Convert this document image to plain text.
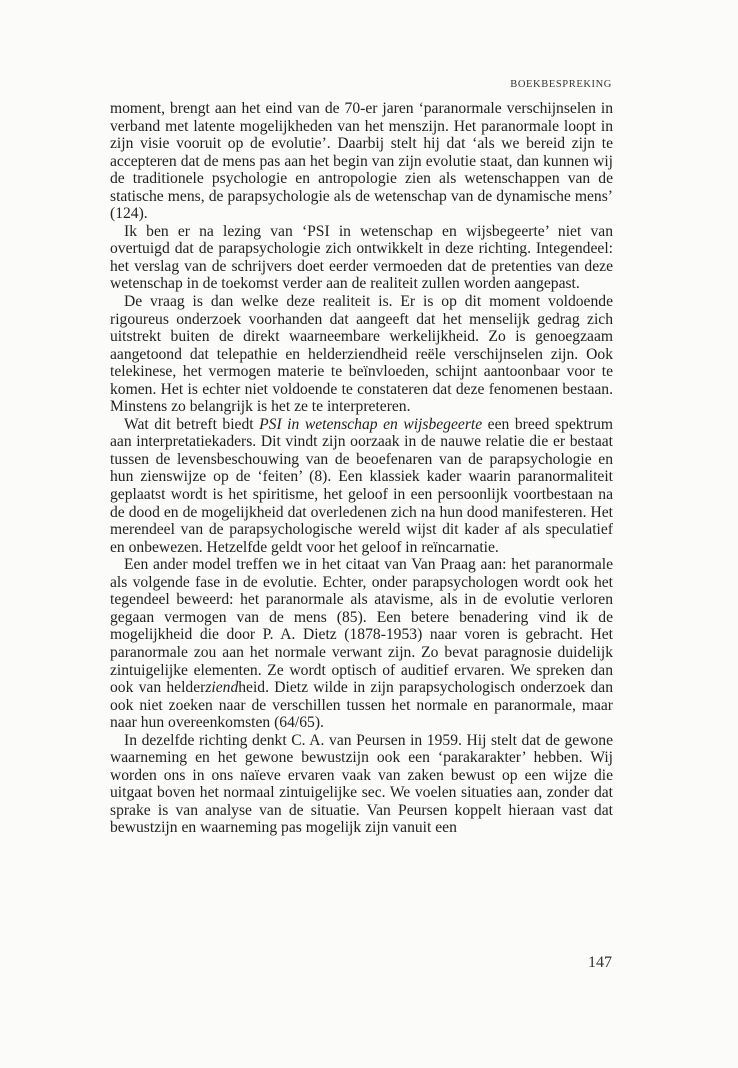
BOEKBESPREKING

moment, brengt aan het eind van de 70-er jaren ‘paranormale verschijnselen in verband met latente mogelijkheden van het menszijn. Het paranormale loopt in zijn visie vooruit op de evolutie’. Daarbij stelt hij dat ‘als we bereid zijn te accepteren dat de mens pas aan het begin van zijn evolutie staat, dan kunnen wij de traditionele psychologie en antropologie zien als wetenschappen van de statische mens, de parapsychologie als de wetenschap van de dynamische mens’ (124).

Ik ben er na lezing van ‘PSI in wetenschap en wijsbegeerte’ niet van overtuigd dat de parapsychologie zich ontwikkelt in deze richting. Integendeel: het verslag van de schrijvers doet eerder vermoeden dat de pretenties van deze wetenschap in de toekomst verder aan de realiteit zullen worden aangepast.

De vraag is dan welke deze realiteit is. Er is op dit moment voldoende rigoureus onderzoek voorhanden dat aangeeft dat het menselijk gedrag zich uitstrekt buiten de direkt waarneembare werkelijkheid. Zo is genoegzaam aangetoond dat telepathie en helderziendheid reële verschijnselen zijn. Ook telekinese, het vermogen materie te beïnvloeden, schijnt aantoonbaar voor te komen. Het is echter niet voldoende te constateren dat deze fenomenen bestaan. Minstens zo belangrijk is het ze te interpreteren.

Wat dit betreft biedt PSI in wetenschap en wijsbegeerte een breed spektrum aan interpretatiekaders. Dit vindt zijn oorzaak in de nauwe relatie die er bestaat tussen de levensbeschouwing van de beoefenaren van de parapsychologie en hun zienswijze op de ‘feiten’ (8). Een klassiek kader waarin paranormaliteit geplaatst wordt is het spiritisme, het geloof in een persoonlijk voortbestaan na de dood en de mogelijkheid dat overledenen zich na hun dood manifesteren. Het merendeel van de parapsychologische wereld wijst dit kader af als speculatief en onbewezen. Hetzelfde geldt voor het geloof in reïncarnatie.

Een ander model treffen we in het citaat van Van Praag aan: het paranormale als volgende fase in de evolutie. Echter, onder parapsychologen wordt ook het tegendeel beweerd: het paranormale als atavisme, als in de evolutie verloren gegaan vermogen van de mens (85). Een betere benadering vind ik de mogelijkheid die door P. A. Dietz (1878-1953) naar voren is gebracht. Het paranormale zou aan het normale verwant zijn. Zo bevat paragnosie duidelijk zintuigelijke elementen. Ze wordt optisch of auditief ervaren. We spreken dan ook van helderziendheid. Dietz wilde in zijn parapsychologisch onderzoek dan ook niet zoeken naar de verschillen tussen het normale en paranormale, maar naar hun overeenkomsten (64/65).

In dezelfde richting denkt C. A. van Peursen in 1959. Hij stelt dat de gewone waarneming en het gewone bewustzijn ook een ‘parakarakter’ hebben. Wij worden ons in ons naïeve ervaren vaak van zaken bewust op een wijze die uitgaat boven het normaal zintuigelijke sec. We voelen situaties aan, zonder dat sprake is van analyse van de situatie. Van Peursen koppelt hieraan vast dat bewustzijn en waarneming pas mogelijk zijn vanuit een

147
